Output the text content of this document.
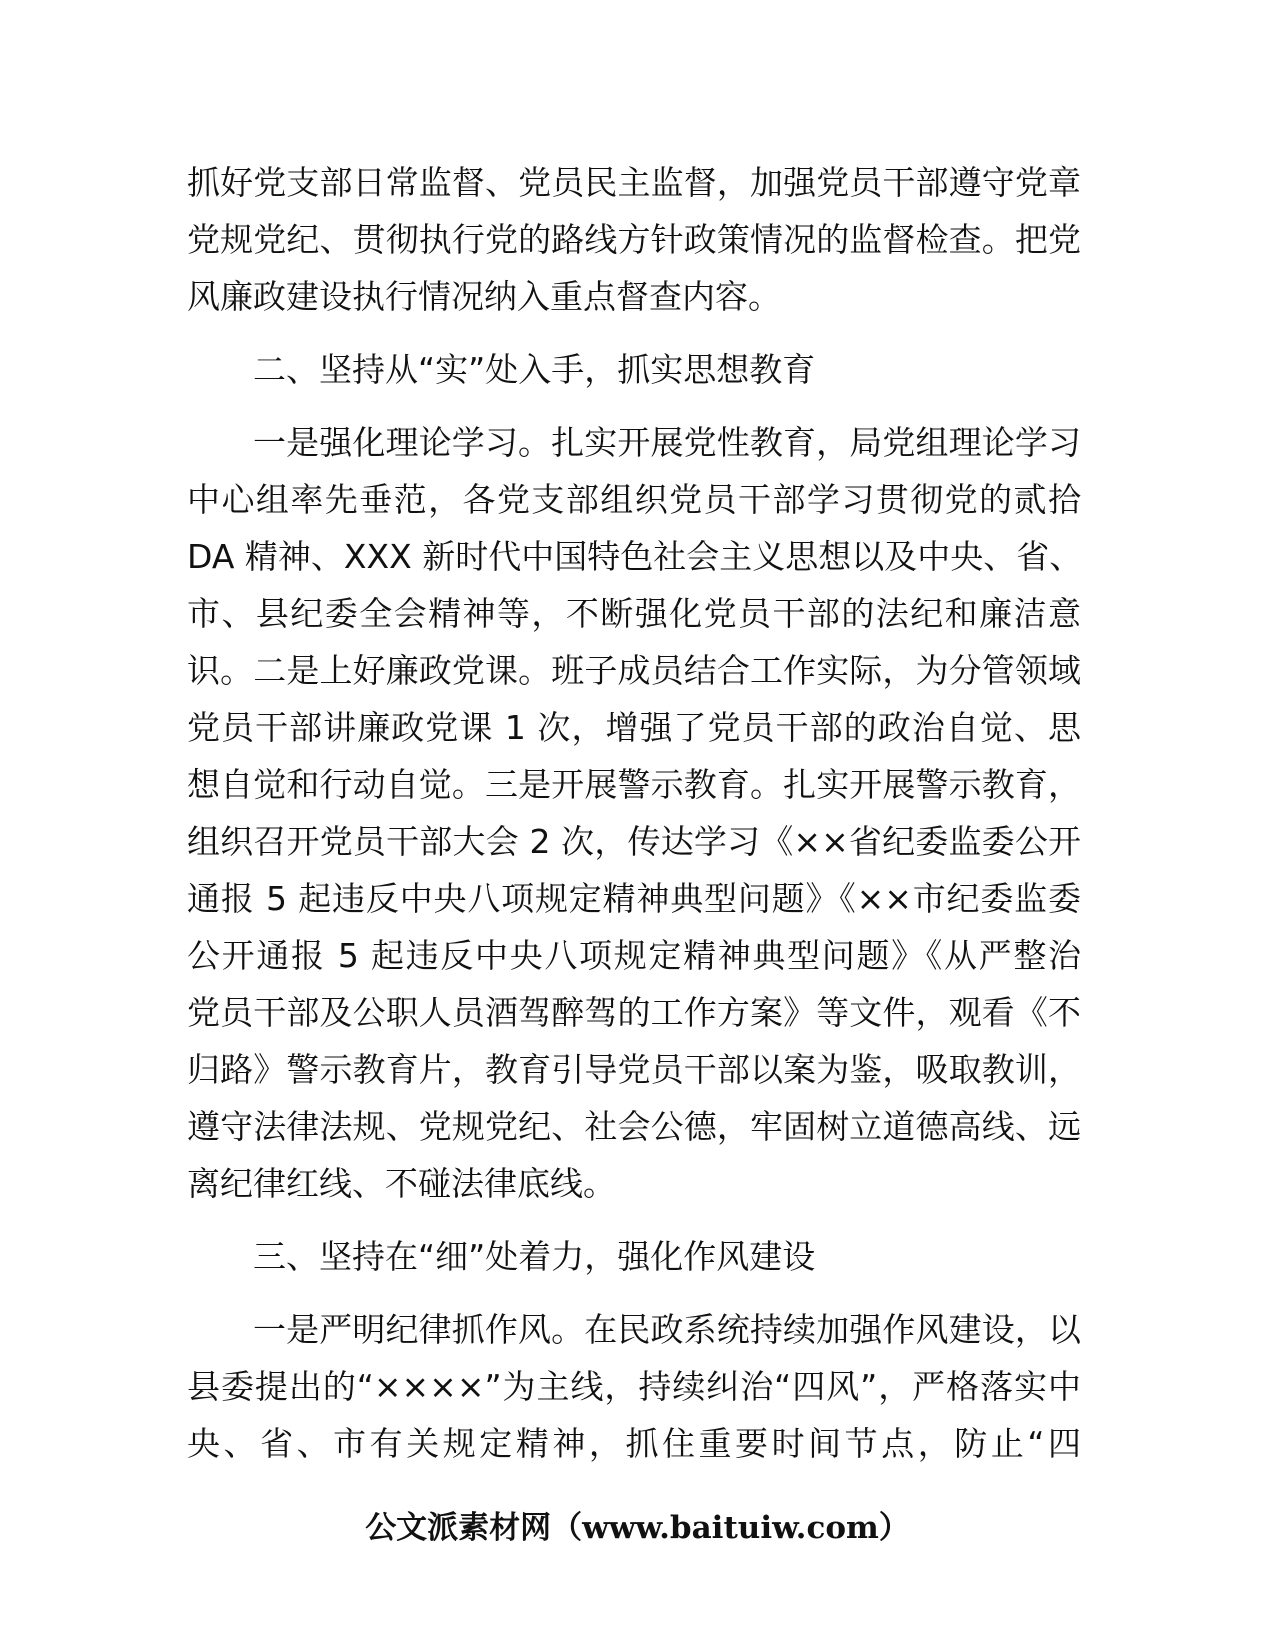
抓好党支部日常监督、党员民主监督，加强党员干部遵守党章
党规党纪、贯彻执行党的路线方针政策情况的监督检查。把党
风廉政建设执行情况纳入重点督查内容。
二、坚持从“实”处入手，抓实思想教育
一是强化理论学习。扎实开展党性教育，局党组理论学习
中心组率先垂范，各党支部组织党员干部学习贯彻党的贰拾
DA 精神、XXX 新时代中国特色社会主义思想以及中央、省、
市、县纪委全会精神等，不断强化党员干部的法纪和廉洁意
识。二是上好廉政党课。班子成员结合工作实际，为分管领域
党员干部讲廉政党课 1 次，增强了党员干部的政治自觉、思
想自觉和行动自觉。三是开展警示教育。扎实开展警示教育，
组织召开党员干部大会 2 次，传达学习《××省纪委监委公开
通报 5 起违反中央八项规定精神典型问题》《××市纪委监委
公开通报 5 起违反中央八项规定精神典型问题》《从严整治
党员干部及公职人员酒驾醉驾的工作方案》等文件，观看《不
归路》警示教育片，教育引导党员干部以案为鉴，吸取教训，
遵守法律法规、党规党纪、社会公德，牢固树立道德高线、远
离纪律红线、不碰法律底线。
三、坚持在“细”处着力，强化作风建设
一是严明纪律抓作风。在民政系统持续加强作风建设，以
县委提出的“××××”为主线，持续纠治“四风”，严格落实中
央、省、市有关规定精神，抓住重要时间节点，防止“四
公文派素材网（www.baituiw.com）
